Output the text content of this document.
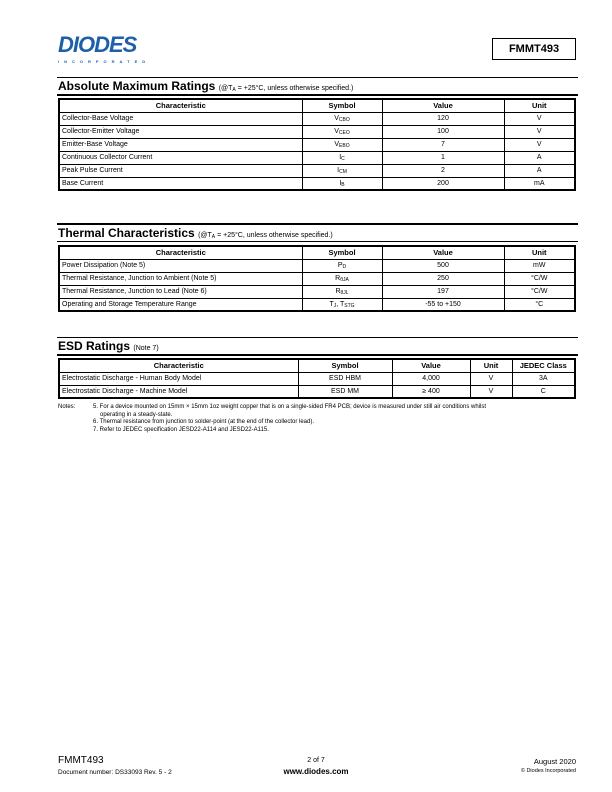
DIODES
INCORPORATED
FMMT493
Absolute Maximum Ratings ($@T_A = +25^\circ C$, unless otherwise specified.)
Characteristic	Symbol	Value	Unit
Collector-Base Voltage	$V_{CBO}$	120	V
Collector-Emitter Voltage	$V_{CEO}$	100	V
Emitter-Base Voltage	$V_{EBO}$	7	V
Continuous Collector Current	$I_C$	1	A
Peak Pulse Current	$I_{CM}$	2	A
Base Current	$I_B$	200	mA
Thermal Characteristics ($@T_A = +25^\circ C$, unless otherwise specified.)
Characteristic	Symbol	Value	Unit
Power Dissipation (Note 5)	$P_D$	500	mW
Thermal Resistance, Junction to Ambient (Note 5)	$R_{\theta JA}$	250	°C/W
Thermal Resistance, Junction to Lead (Note 6)	$R_{\theta JL}$	197	°C/W
Operating and Storage Temperature Range	$T_J$, $T_{STG}$	-55 to +150	°C
ESD Ratings (Note 7)
Characteristic	Symbol	Value	Unit	JEDEC Class
Electrostatic Discharge - Human Body Model	ESD HBM	4,000	V	3A
Electrostatic Discharge - Machine Model	ESD MM	≥ 400	V	C
Notes:	5. For a device mounted on 15mm × 15mm 1oz weight copper that is on a single-sided FR4 PCB; device is measured under still air conditions whilst
operating in a steady-state.
6. Thermal resistance from junction to solder-point (at the end of the collector lead).
7. Refer to JEDEC specification JESD22-A114 and JESD22-A115.
FMMT493
Document number: DS33093 Rev. 5 - 2
2 of 7
www.diodes.com
August 2020
© Diodes Incorporated
